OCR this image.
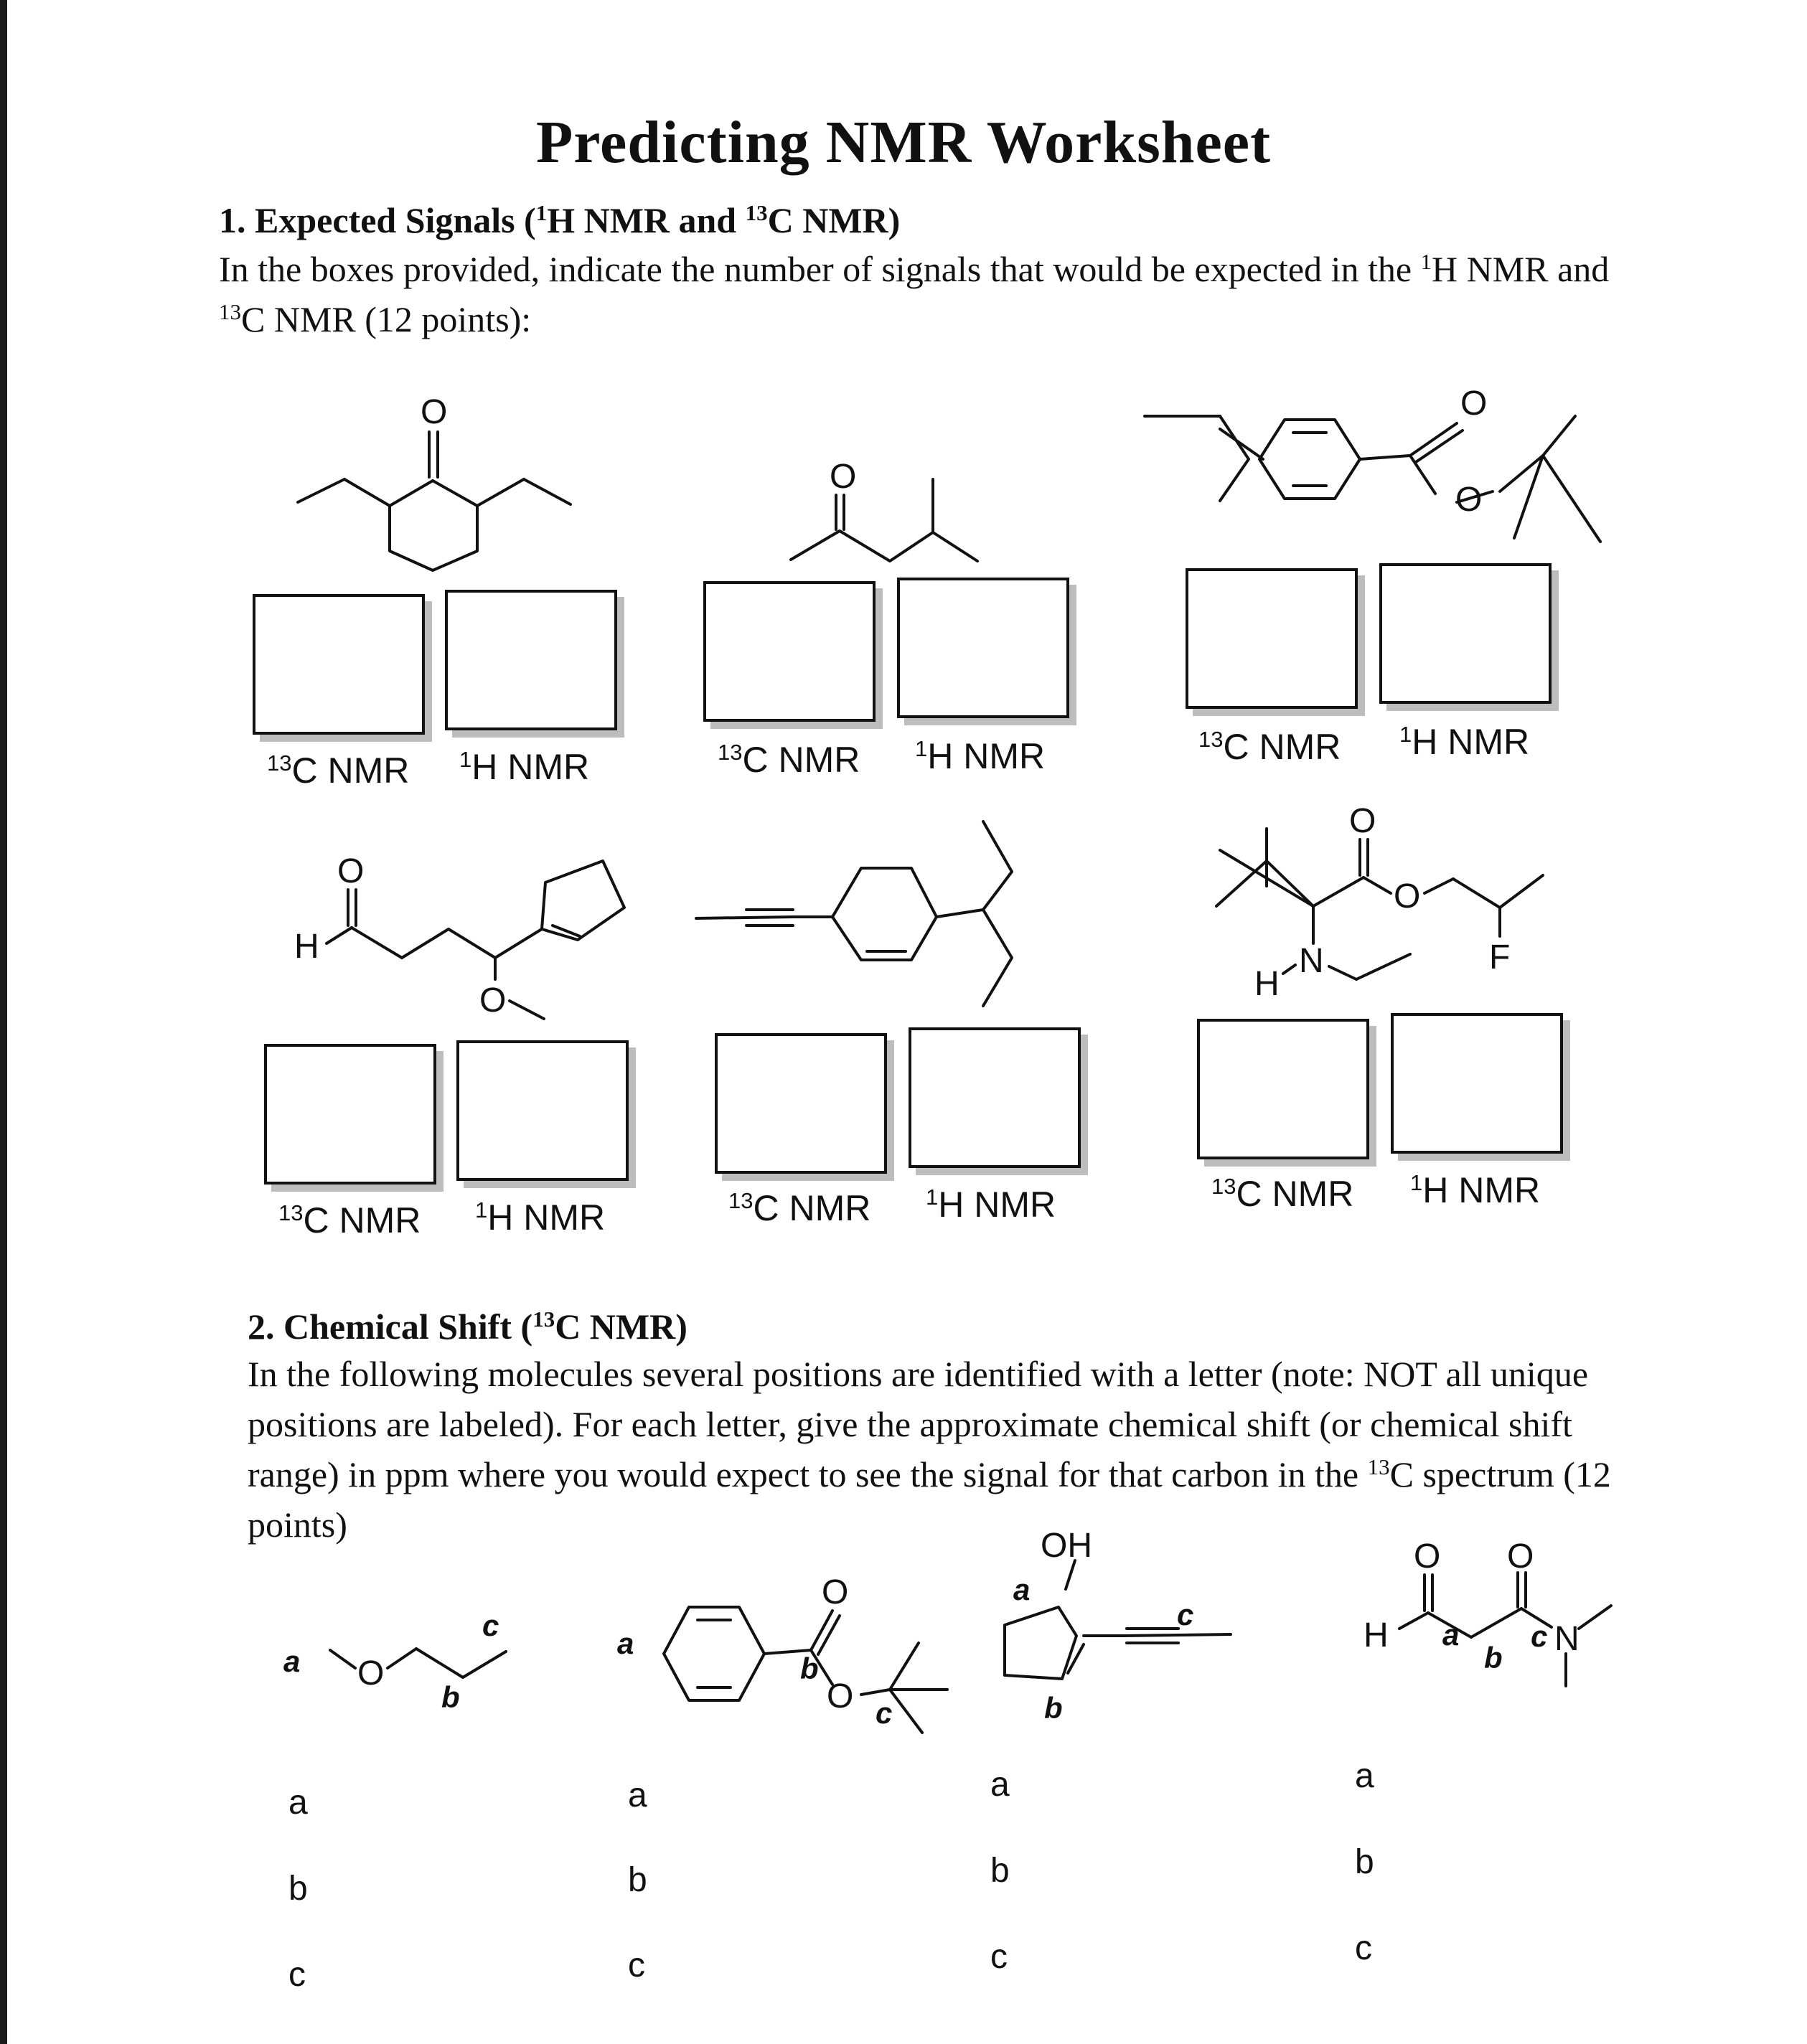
Predicting NMR Worksheet
1. Expected Signals ($^1$H NMR and $^{13}$C NMR)
In the boxes provided, indicate the number of signals that would be expected in the $^1$H NMR and
$^{13}$C NMR (12 points):
O
O
O
O
$^{13}$C NMR $^1$H NMR	$^{13}$C NMR $^1$H NMR	$^{13}$C NMR	$^1$H NMR
O
H
O
O
O
N
H
F
$^{13}$C NMR $^1$H NMR	$^{13}$C NMR $^1$H NMR	$^{13}$C NMR	$^1$H NMR
2. Chemical Shift ($^{13}$C NMR)
In the following molecules several positions are identified with a letter (note: NOT all unique
positions are labeled). For each letter, give the approximate chemical shift (or chemical shift
range) in ppm where you would expect to see the signal for that carbon in the $^{13}$C spectrum (12
points)
a O
b
c
a
O
b
O c
OH
a
c
b
O O
H a
b
c N
a
b
c
a
b
c
a
b
c
a
b
c
